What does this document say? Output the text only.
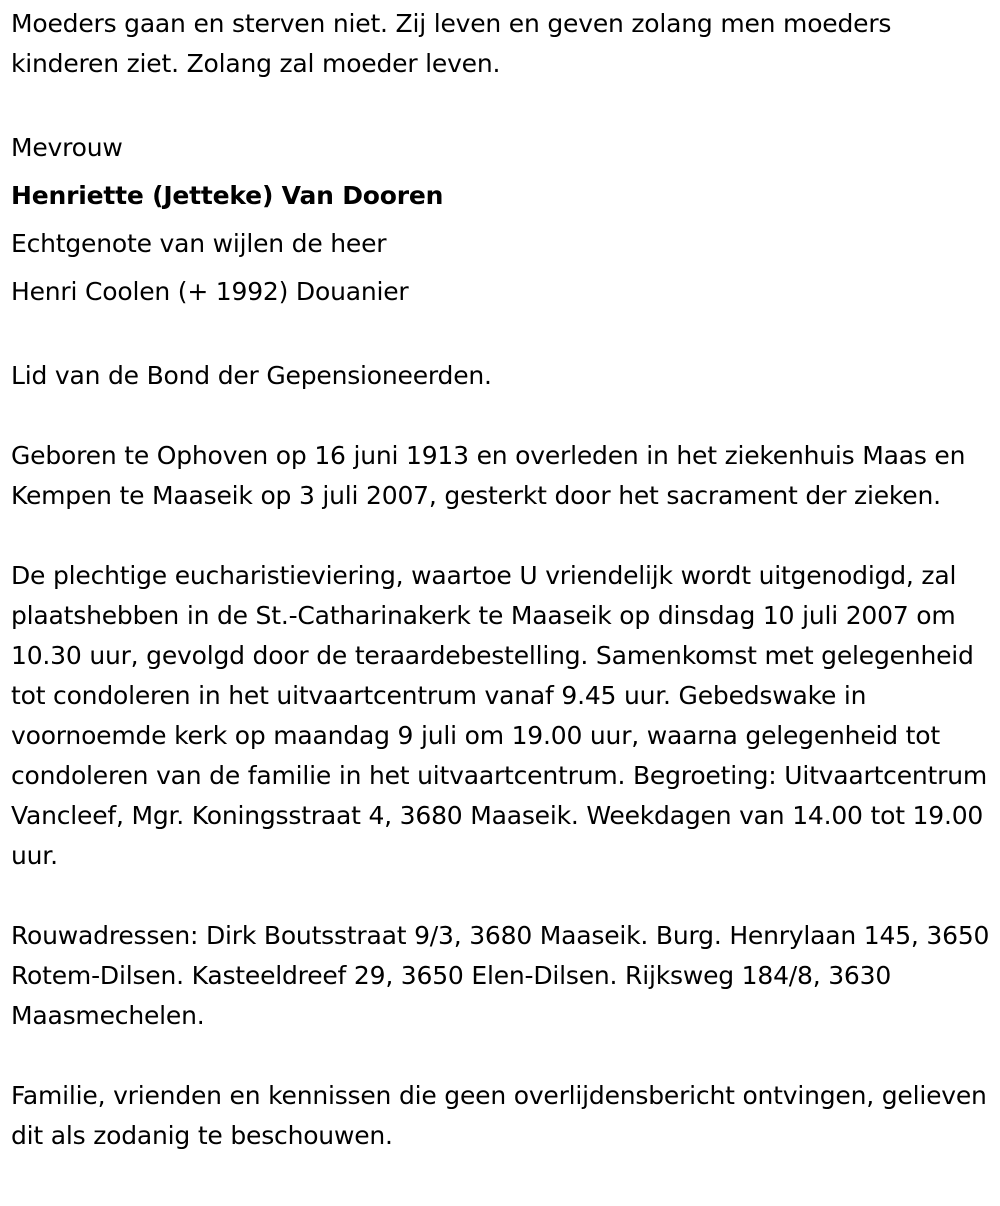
Moeders gaan en sterven niet. Zij leven en geven zolang men moeders kinderen ziet. Zolang zal moeder leven.

Mevrouw

Henriette (Jetteke) Van Dooren

Echtgenote van wijlen de heer

Henri Coolen (+ 1992) Douanier

Lid van de Bond der Gepensioneerden.

Geboren te Ophoven op 16 juni 1913 en overleden in het ziekenhuis Maas en Kempen te Maaseik op 3 juli 2007, gesterkt door het sacrament der zieken.

De plechtige eucharistieviering, waartoe U vriendelijk wordt uitgenodigd, zal plaatshebben in de St.-Catharinakerk te Maaseik op dinsdag 10 juli 2007 om 10.30 uur, gevolgd door de teraardebestelling. Samenkomst met gelegenheid tot condoleren in het uitvaartcentrum vanaf 9.45 uur. Gebedswake in voornoemde kerk op maandag 9 juli om 19.00 uur, waarna gelegenheid tot condoleren van de familie in het uitvaartcentrum. Begroeting: Uitvaartcentrum Vancleef, Mgr. Koningsstraat 4, 3680 Maaseik. Weekdagen van 14.00 tot 19.00 uur.

Rouwadressen: Dirk Boutsstraat 9/3, 3680 Maaseik. Burg. Henrylaan 145, 3650 Rotem-Dilsen. Kasteeldreef 29, 3650 Elen-Dilsen. Rijksweg 184/8, 3630 Maasmechelen.

Familie, vrienden en kennissen die geen overlijdensbericht ontvingen, gelieven dit als zodanig te beschouwen.
